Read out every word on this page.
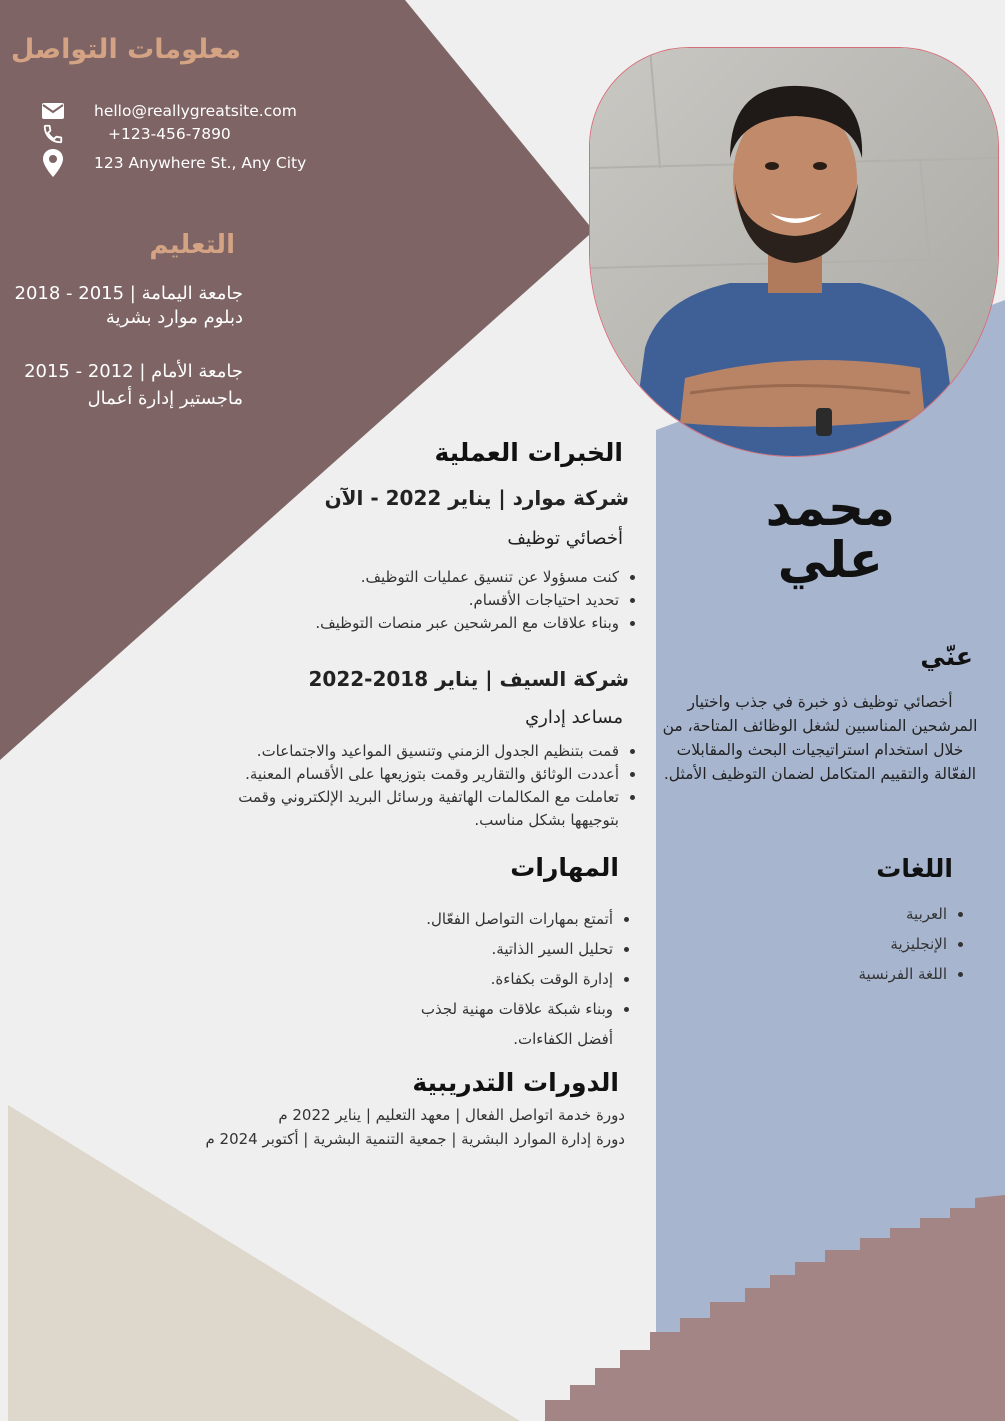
معلومات التواصل
hello@reallygreatsite.com
+123-456-7890
123 Anywhere St., Any City
التعليم
جامعة اليمامة | 2015 - 2018
دبلوم موارد بشرية
جامعة الأمام | 2012 - 2015
ماجستير إدارة أعمال
محمد
علي
عنّي
أخصائي توظيف ذو خبرة في جذب واختيار المرشحين المناسبين لشغل الوظائف المتاحة، من خلال استخدام استراتيجيات البحث والمقابلات الفعّالة والتقييم المتكامل لضمان التوظيف الأمثل.
اللغات
• العربية
• الإنجليزية
• اللغة الفرنسية
الخبرات العملية
شركة موارد | يناير 2022 - الآن
أخصائي توظيف
• كنت مسؤولا عن تنسيق عمليات التوظيف.
• تحديد احتياجات الأقسام.
• وبناء علاقات مع المرشحين عبر منصات التوظيف.
شركة السيف | يناير 2018-2022
مساعد إداري
• قمت بتنظيم الجدول الزمني وتنسيق المواعيد والاجتماعات.
• أعددت الوثائق والتقارير وقمت بتوزيعها على الأقسام المعنية.
• تعاملت مع المكالمات الهاتفية ورسائل البريد الإلكتروني وقمت بتوجيهها بشكل مناسب.
المهارات
• أتمتع بمهارات التواصل الفعّال.
• تحليل السير الذاتية.
• إدارة الوقت بكفاءة.
• وبناء شبكة علاقات مهنية لجذب أفضل الكفاءات.
الدورات التدريبية
دورة خدمة اتواصل الفعال | معهد التعليم | يناير 2022 م
دورة إدارة الموارد البشرية | جمعية التنمية البشرية | أكتوبر 2024 م
